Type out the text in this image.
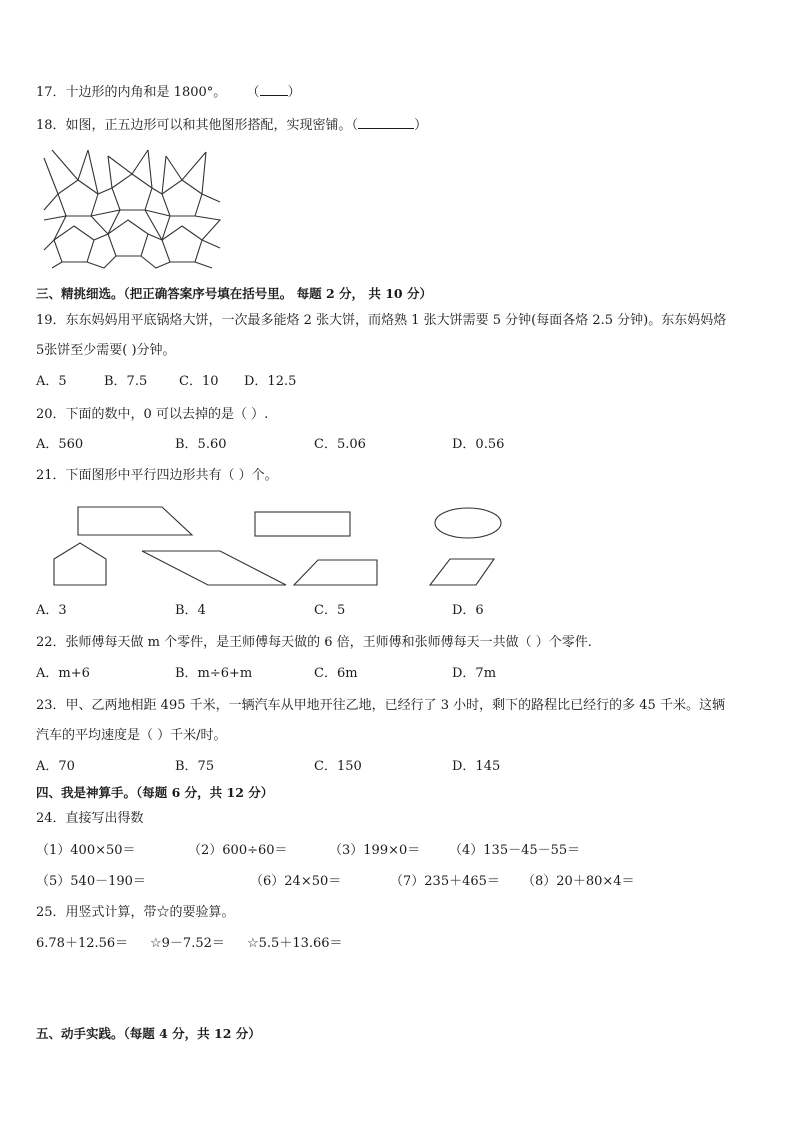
17．十边形的内角和是 1800°。 （ ）
18．如图，正五边形可以和其他图形搭配，实现密铺。（	）
三、精挑细选。（把正确答案序号填在括号里。 每题 2 分， 共 10 分）
19．东东妈妈用平底锅烙大饼，一次最多能烙 2 张大饼，而烙熟 1 张大饼需要 5 分钟(每面各烙 2.5 分钟)。东东妈妈烙
5张饼至少需要( )分钟。
A．5	B．7.5 C．10 D．12.5
20．下面的数中，0 可以去掉的是（ ）.
A．560	B．5.60	C．5.06	D．0.56
21．下面图形中平行四边形共有（ ）个。
A．3	B．4	C．5	D．6
22．张师傅每天做 m 个零件，是王师傅每天做的 6 倍，王师傅和张师傅每天一共做（ ）个零件.
A．m+6	B．m÷6+m	C．6m	D．7m
23．甲、乙两地相距 495 千米，一辆汽车从甲地开往乙地，已经行了 3 小时，剩下的路程比已经行的多 45 千米。这辆
汽车的平均速度是（ ）千米/时。
A．70	B．75	C．150	D．145
四、我是神算手。（每题 6 分，共 12 分）
24．直接写出得数
（1）400×50＝	（2）600÷60＝	（3）199×0＝ （4）135－45－55＝
（5）540－190＝	（6）24×50＝	（7）235＋465＝ （8）20＋80×4＝
25．用竖式计算，带☆的要验算。
6.78＋12.56＝ ☆9－7.52＝ ☆5.5＋13.66＝
五、动手实践。（每题 4 分，共 12 分）
